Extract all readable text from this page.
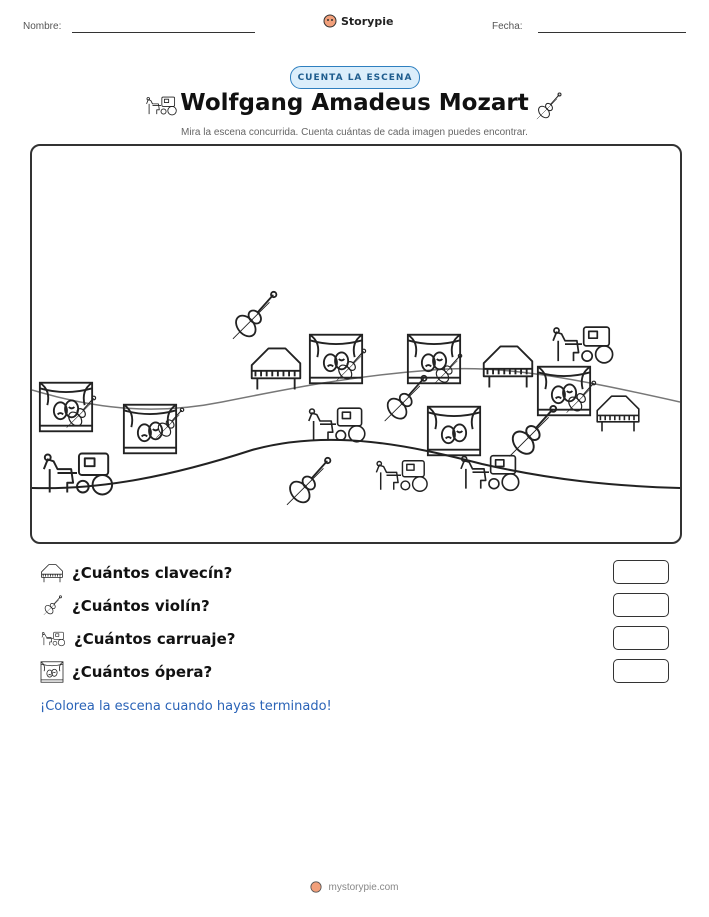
Nombre:	Storypie	Fecha:
CUENTA LA ESCENA
Wolfgang Amadeus Mozart
Mira la escena concurrida. Cuenta cuántas de cada imagen puedes encontrar.
¿Cuántos clavecín?
¿Cuántos violín?
¿Cuántos carruaje?
¿Cuántos ópera?
¡Colorea la escena cuando hayas terminado!
mystorypie.com
